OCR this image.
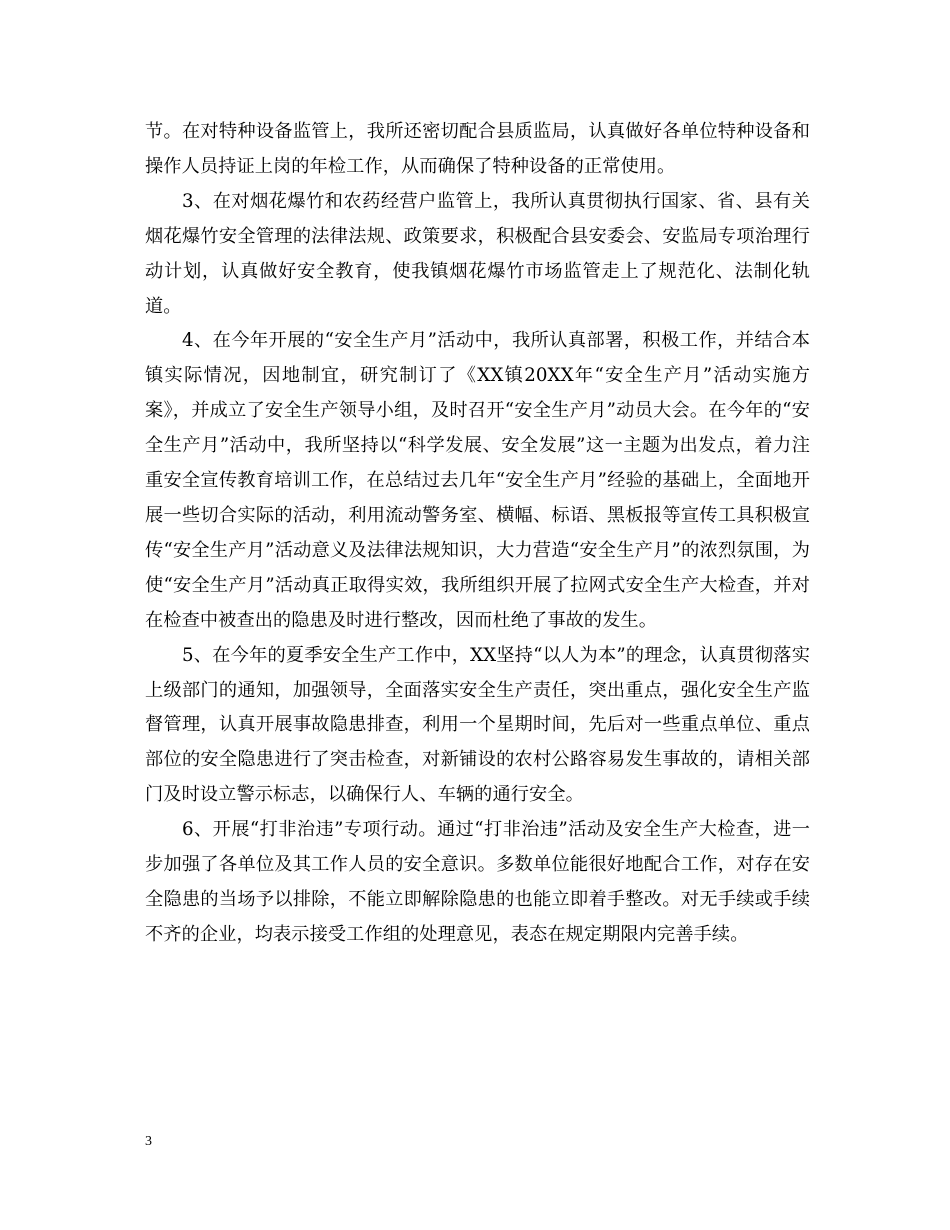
节。在对特种设备监管上，我所还密切配合县质监局，认真做好各单位特种设备和操作人员持证上岗的年检工作，从而确保了特种设备的正常使用。

3、在对烟花爆竹和农药经营户监管上，我所认真贯彻执行国家、省、县有关烟花爆竹安全管理的法律法规、政策要求，积极配合县安委会、安监局专项治理行动计划，认真做好安全教育，使我镇烟花爆竹市场监管走上了规范化、法制化轨道。

4、在今年开展的“安全生产月”活动中，我所认真部署，积极工作，并结合本镇实际情况，因地制宜，研究制订了《XX镇20XX年“安全生产月”活动实施方案》，并成立了安全生产领导小组，及时召开“安全生产月”动员大会。在今年的“安全生产月”活动中，我所坚持以“科学发展、安全发展”这一主题为出发点，着力注重安全宣传教育培训工作，在总结过去几年“安全生产月”经验的基础上，全面地开展一些切合实际的活动，利用流动警务室、横幅、标语、黑板报等宣传工具积极宣传“安全生产月”活动意义及法律法规知识，大力营造“安全生产月”的浓烈氛围，为使“安全生产月”活动真正取得实效，我所组织开展了拉网式安全生产大检查，并对在检查中被查出的隐患及时进行整改，因而杜绝了事故的发生。

5、在今年的夏季安全生产工作中，XX坚持“以人为本”的理念，认真贯彻落实上级部门的通知，加强领导，全面落实安全生产责任，突出重点，强化安全生产监督管理，认真开展事故隐患排查，利用一个星期时间，先后对一些重点单位、重点部位的安全隐患进行了突击检查，对新铺设的农村公路容易发生事故的，请相关部门及时设立警示标志，以确保行人、车辆的通行安全。

6、开展“打非治违”专项行动。通过“打非治违”活动及安全生产大检查，进一步加强了各单位及其工作人员的安全意识。多数单位能很好地配合工作，对存在安全隐患的当场予以排除，不能立即解除隐患的也能立即着手整改。对无手续或手续不齐的企业，均表示接受工作组的处理意见，表态在规定期限内完善手续。

3
